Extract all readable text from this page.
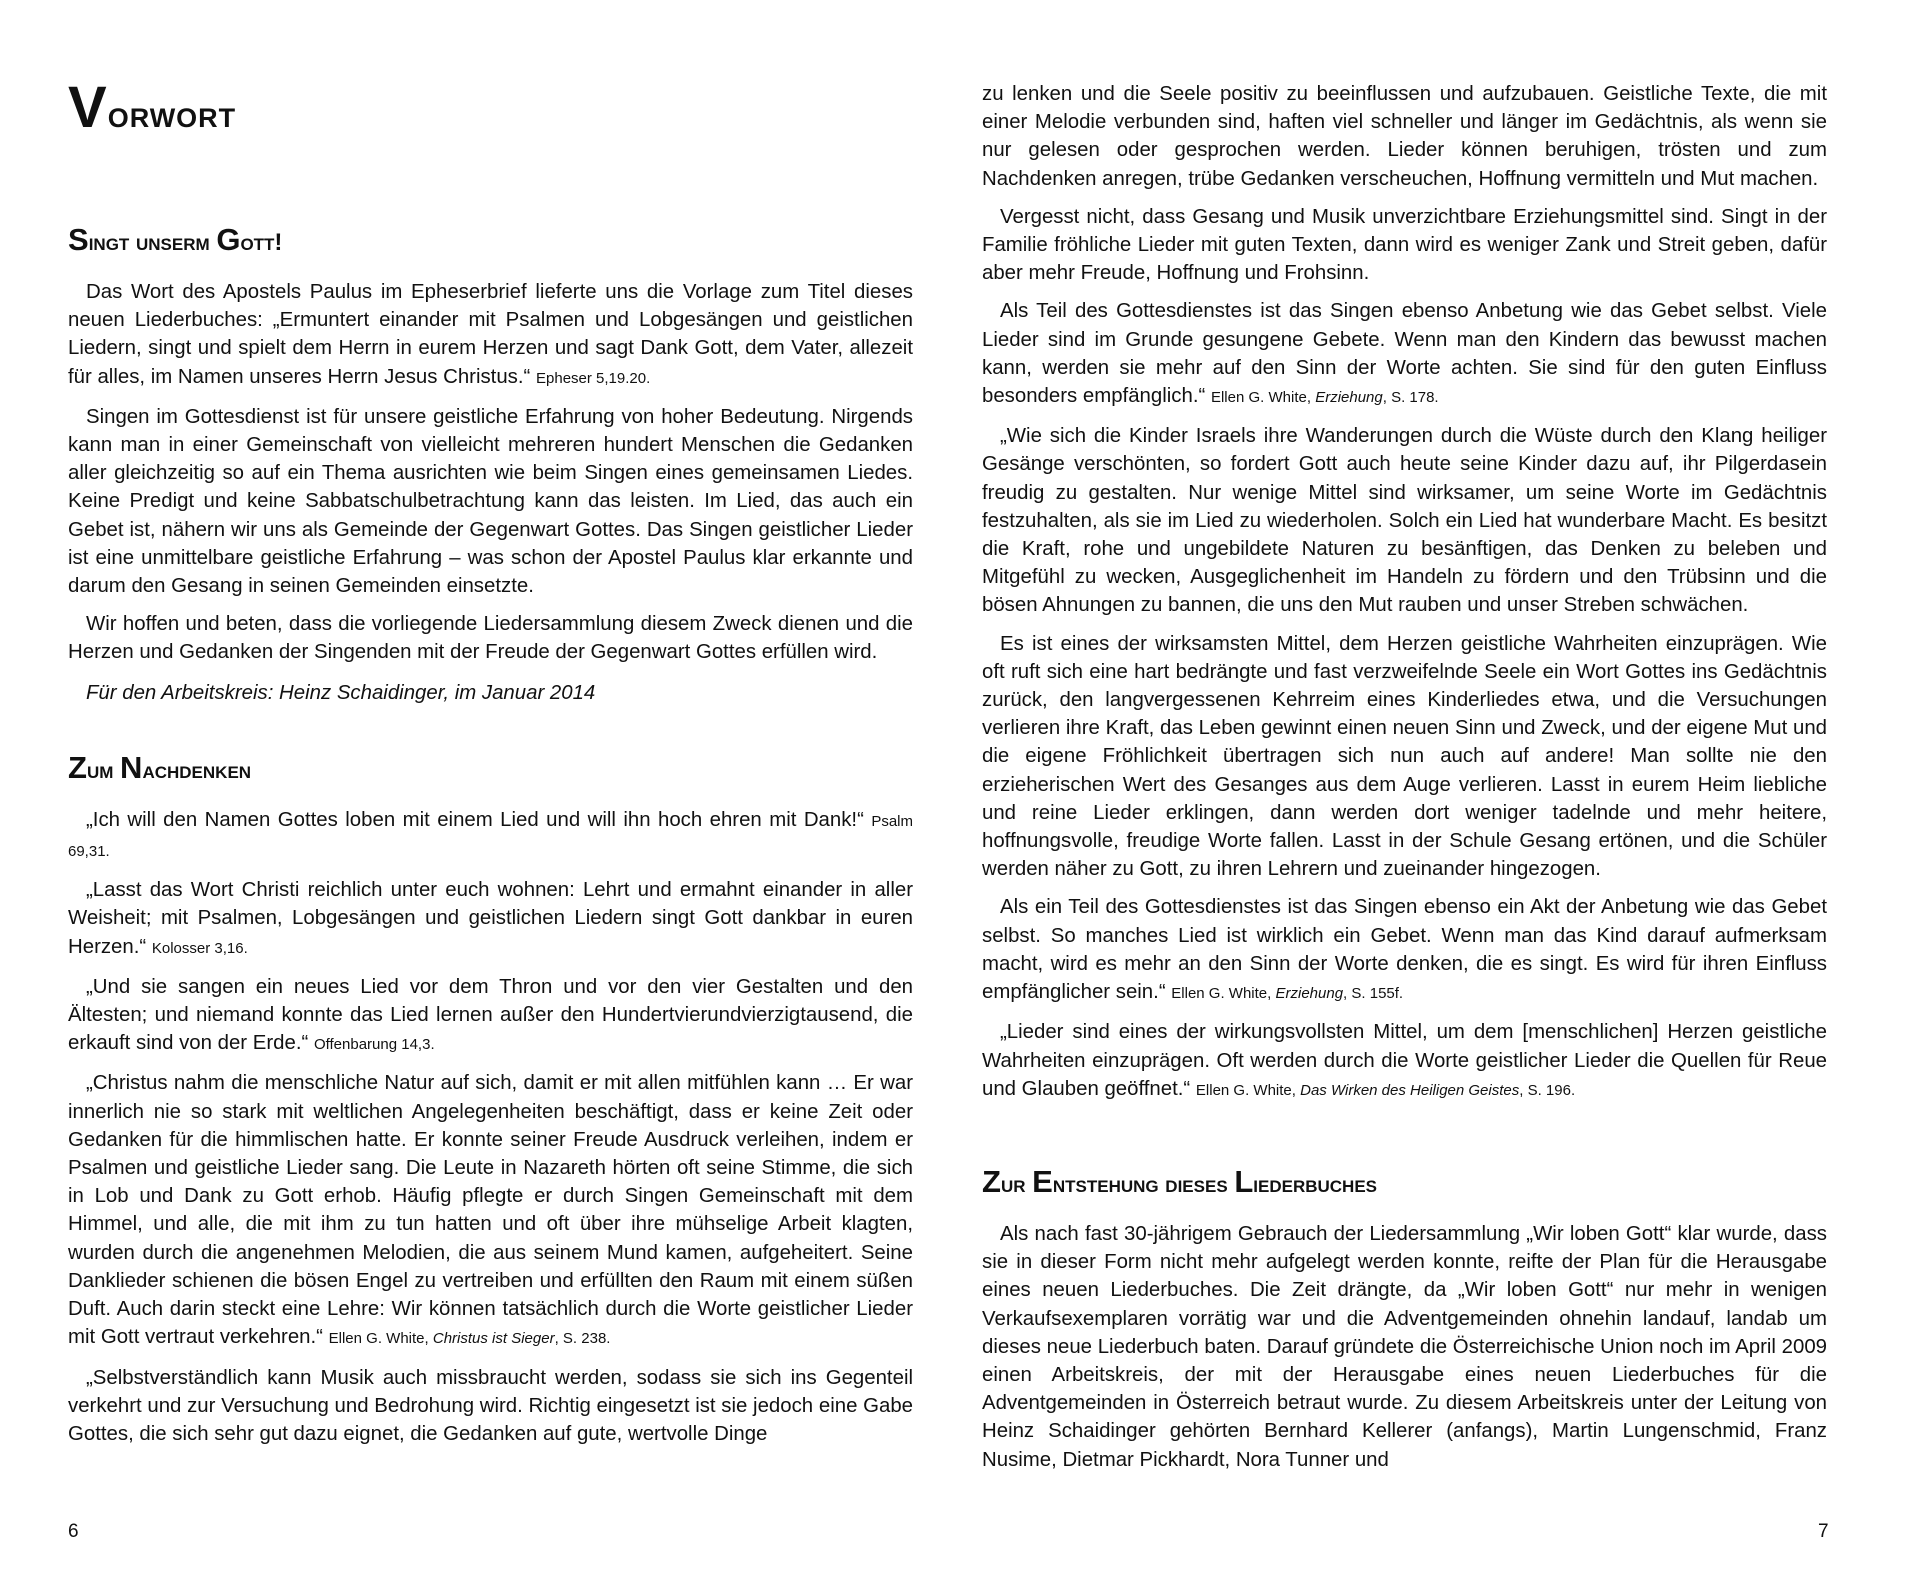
Vorwort
Singt unserm Gott!

Das Wort des Apostels Paulus im Epheserbrief lieferte uns die Vorlage zum Titel dieses neuen Liederbuches: „Ermuntert einander mit Psalmen und Lobgesängen und geistlichen Liedern, singt und spielt dem Herrn in eurem Herzen und sagt Dank Gott, dem Vater, allezeit für alles, im Namen unseres Herrn Jesus Christus.“ Epheser 5,19.20.

Singen im Gottesdienst ist für unsere geistliche Erfahrung von hoher Bedeutung. Nirgends kann man in einer Gemeinschaft von vielleicht mehreren hundert Menschen die Gedanken aller gleichzeitig so auf ein Thema ausrichten wie beim Singen eines gemeinsamen Liedes. Keine Predigt und keine Sabbatschulbetrachtung kann das leisten. Im Lied, das auch ein Gebet ist, nähern wir uns als Gemeinde der Gegenwart Gottes. Das Singen geistlicher Lieder ist eine unmittelbare geistliche Erfahrung – was schon der Apostel Paulus klar erkannte und darum den Gesang in seinen Gemeinden einsetzte.

Wir hoffen und beten, dass die vorliegende Liedersammlung diesem Zweck dienen und die Herzen und Gedanken der Singenden mit der Freude der Gegenwart Gottes erfüllen wird.

Für den Arbeitskreis: Heinz Schaidinger, im Januar 2014

Zum Nachdenken

„Ich will den Namen Gottes loben mit einem Lied und will ihn hoch ehren mit Dank!“ Psalm 69,31.

„Lasst das Wort Christi reichlich unter euch wohnen: Lehrt und ermahnt einander in aller Weisheit; mit Psalmen, Lobgesängen und geistlichen Liedern singt Gott dankbar in euren Herzen.“ Kolosser 3,16.

„Und sie sangen ein neues Lied vor dem Thron und vor den vier Gestalten und den Ältesten; und niemand konnte das Lied lernen außer den Hundertvierundvierzigtausend, die erkauft sind von der Erde.“ Offenbarung 14,3.

„Christus nahm die menschliche Natur auf sich, damit er mit allen mitfühlen kann … Er war innerlich nie so stark mit weltlichen Angelegenheiten beschäftigt, dass er keine Zeit oder Gedanken für die himmlischen hatte. Er konnte seiner Freude Ausdruck verleihen, indem er Psalmen und geistliche Lieder sang. Die Leute in Nazareth hörten oft seine Stimme, die sich in Lob und Dank zu Gott erhob. Häufig pflegte er durch Singen Gemeinschaft mit dem Himmel, und alle, die mit ihm zu tun hatten und oft über ihre mühselige Arbeit klagten, wurden durch die angenehmen Melodien, die aus seinem Mund kamen, aufgeheitert. Seine Danklieder schienen die bösen Engel zu vertreiben und erfüllten den Raum mit einem süßen Duft. Auch darin steckt eine Lehre: Wir können tatsächlich durch die Worte geistlicher Lieder mit Gott vertraut verkehren.“ Ellen G. White, Christus ist Sieger, S. 238.

„Selbstverständlich kann Musik auch missbraucht werden, sodass sie sich ins Gegenteil verkehrt und zur Versuchung und Bedrohung wird. Richtig eingesetzt ist sie jedoch eine Gabe Gottes, die sich sehr gut dazu eignet, die Gedanken auf gute, wertvolle Dinge

6

zu lenken und die Seele positiv zu beeinflussen und aufzubauen. Geistliche Texte, die mit einer Melodie verbunden sind, haften viel schneller und länger im Gedächtnis, als wenn sie nur gelesen oder gesprochen werden. Lieder können beruhigen, trösten und zum Nachdenken anregen, trübe Gedanken verscheuchen, Hoffnung vermitteln und Mut machen.

Vergesst nicht, dass Gesang und Musik unverzichtbare Erziehungsmittel sind. Singt in der Familie fröhliche Lieder mit guten Texten, dann wird es weniger Zank und Streit geben, dafür aber mehr Freude, Hoffnung und Frohsinn.

Als Teil des Gottesdienstes ist das Singen ebenso Anbetung wie das Gebet selbst. Viele Lieder sind im Grunde gesungene Gebete. Wenn man den Kindern das bewusst machen kann, werden sie mehr auf den Sinn der Worte achten. Sie sind für den guten Einfluss besonders empfänglich.“ Ellen G. White, Erziehung, S. 178.

„Wie sich die Kinder Israels ihre Wanderungen durch die Wüste durch den Klang heiliger Gesänge verschönten, so fordert Gott auch heute seine Kinder dazu auf, ihr Pilgerdasein freudig zu gestalten. Nur wenige Mittel sind wirksamer, um seine Worte im Gedächtnis festzuhalten, als sie im Lied zu wiederholen. Solch ein Lied hat wunderbare Macht. Es besitzt die Kraft, rohe und ungebildete Naturen zu besänftigen, das Denken zu beleben und Mitgefühl zu wecken, Ausgeglichenheit im Handeln zu fördern und den Trübsinn und die bösen Ahnungen zu bannen, die uns den Mut rauben und unser Streben schwächen.

Es ist eines der wirksamsten Mittel, dem Herzen geistliche Wahrheiten einzuprägen. Wie oft ruft sich eine hart bedrängte und fast verzweifelnde Seele ein Wort Gottes ins Gedächtnis zurück, den langvergessenen Kehrreim eines Kinderliedes etwa, und die Versuchungen verlieren ihre Kraft, das Leben gewinnt einen neuen Sinn und Zweck, und der eigene Mut und die eigene Fröhlichkeit übertragen sich nun auch auf andere! Man sollte nie den erzieherischen Wert des Gesanges aus dem Auge verlieren. Lasst in eurem Heim liebliche und reine Lieder erklingen, dann werden dort weniger tadelnde und mehr heitere, hoffnungsvolle, freudige Worte fallen. Lasst in der Schule Gesang ertönen, und die Schüler werden näher zu Gott, zu ihren Lehrern und zueinander hingezogen.

Als ein Teil des Gottesdienstes ist das Singen ebenso ein Akt der Anbetung wie das Gebet selbst. So manches Lied ist wirklich ein Gebet. Wenn man das Kind darauf aufmerksam macht, wird es mehr an den Sinn der Worte denken, die es singt. Es wird für ihren Einfluss empfänglicher sein.“ Ellen G. White, Erziehung, S. 155f.

„Lieder sind eines der wirkungsvollsten Mittel, um dem [menschlichen] Herzen geistliche Wahrheiten einzuprägen. Oft werden durch die Worte geistlicher Lieder die Quellen für Reue und Glauben geöffnet.“ Ellen G. White, Das Wirken des Heiligen Geistes, S. 196.

Zur Entstehung dieses Liederbuches

Als nach fast 30-jährigem Gebrauch der Liedersammlung „Wir loben Gott“ klar wurde, dass sie in dieser Form nicht mehr aufgelegt werden konnte, reifte der Plan für die Herausgabe eines neuen Liederbuches. Die Zeit drängte, da „Wir loben Gott“ nur mehr in wenigen Verkaufsexemplaren vorrätig war und die Adventgemeinden ohnehin landauf, landab um dieses neue Liederbuch baten. Darauf gründete die Österreichische Union noch im April 2009 einen Arbeitskreis, der mit der Herausgabe eines neuen Liederbuches für die Adventgemeinden in Österreich betraut wurde. Zu diesem Arbeitskreis unter der Leitung von Heinz Schaidinger gehörten Bernhard Kellerer (anfangs), Martin Lungenschmid, Franz Nusime, Dietmar Pickhardt, Nora Tunner und

7
